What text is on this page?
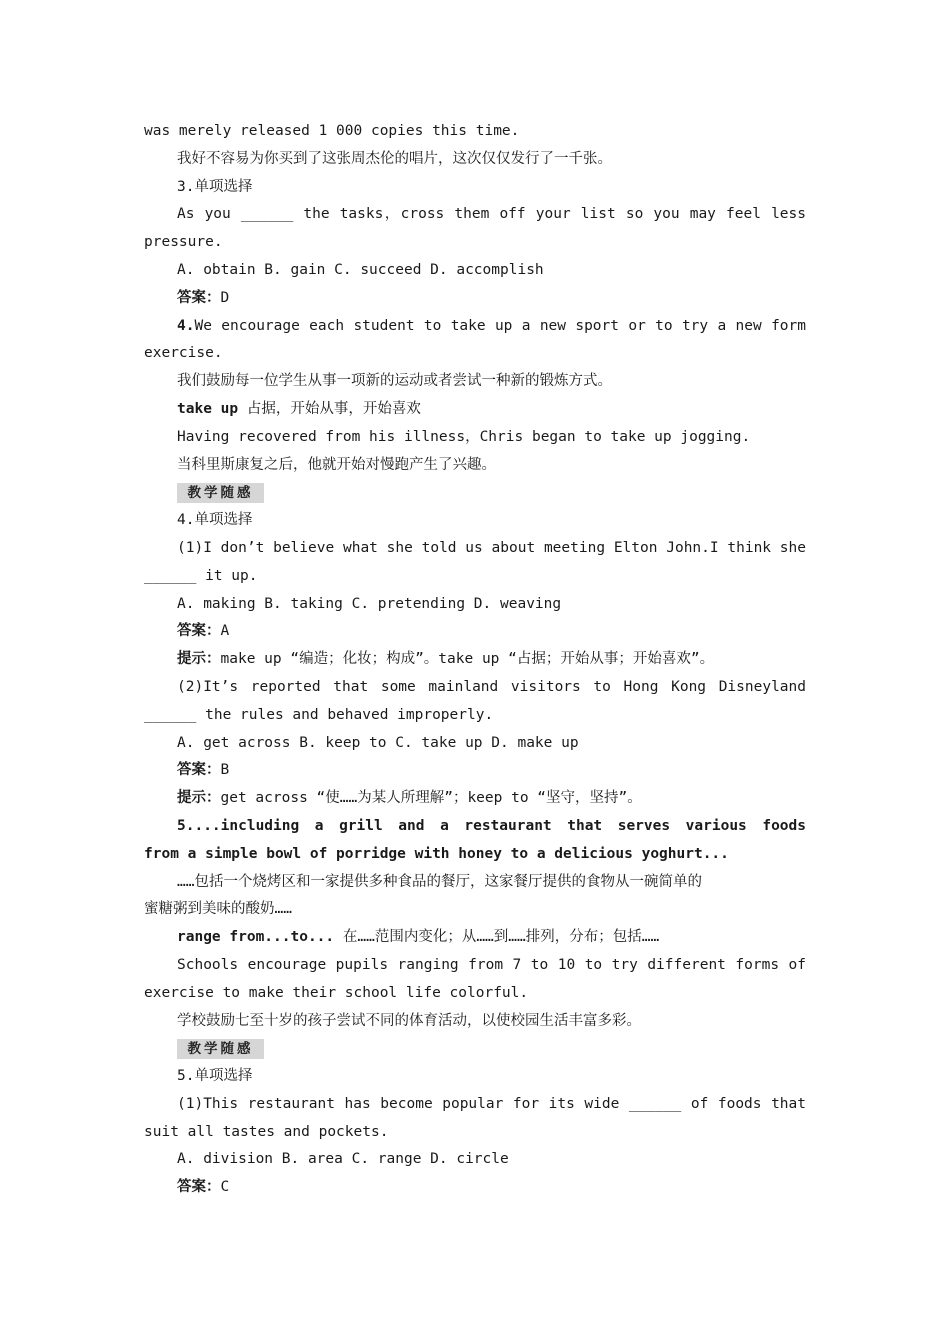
was merely released 1 000 copies this time.
我好不容易为你买到了这张周杰伦的唱片，这次仅仅发行了一千张。
3.单项选择
As you ______ the tasks，cross them off your list so you may feel less
pressure.
A. obtain B. gain C. succeed D. accomplish
答案：D
4.We encourage each student to take up a new sport or to try a new form
exercise.
我们鼓励每一位学生从事一项新的运动或者尝试一种新的锻炼方式。
take up 占据，开始从事，开始喜欢
Having recovered from his illness，Chris began to take up jogging.
当科里斯康复之后，他就开始对慢跑产生了兴趣。
教学随感
4.单项选择
(1)I don’t believe what she told us about meeting Elton John.I think she
______ it up.
A. making B. taking C. pretending D. weaving
答案：A
提示：make up “编造；化妆；构成”。take up “占据；开始从事；开始喜欢”。
(2)It’s reported that some mainland visitors to Hong Kong Disneyland
______ the rules and behaved improperly.
A. get across B. keep to C. take up D. make up
答案：B
提示：get across “使……为某人所理解”；keep to “坚守，坚持”。
5....including a grill and a restaurant that serves various foods
from a simple bowl of porridge with honey to a delicious yoghurt...
……包括一个烧烤区和一家提供多种食品的餐厅，这家餐厅提供的食物从一碗简单的
蜜糖粥到美味的酸奶……
range from...to... 在……范围内变化；从……到……排列，分布；包括……
Schools encourage pupils ranging from 7 to 10 to try different forms of
exercise to make their school life colorful.
学校鼓励七至十岁的孩子尝试不同的体育活动，以使校园生活丰富多彩。
教学随感
5.单项选择
(1)This restaurant has become popular for its wide ______ of foods that
suit all tastes and pockets.
A. division B. area C. range D. circle
答案：C
